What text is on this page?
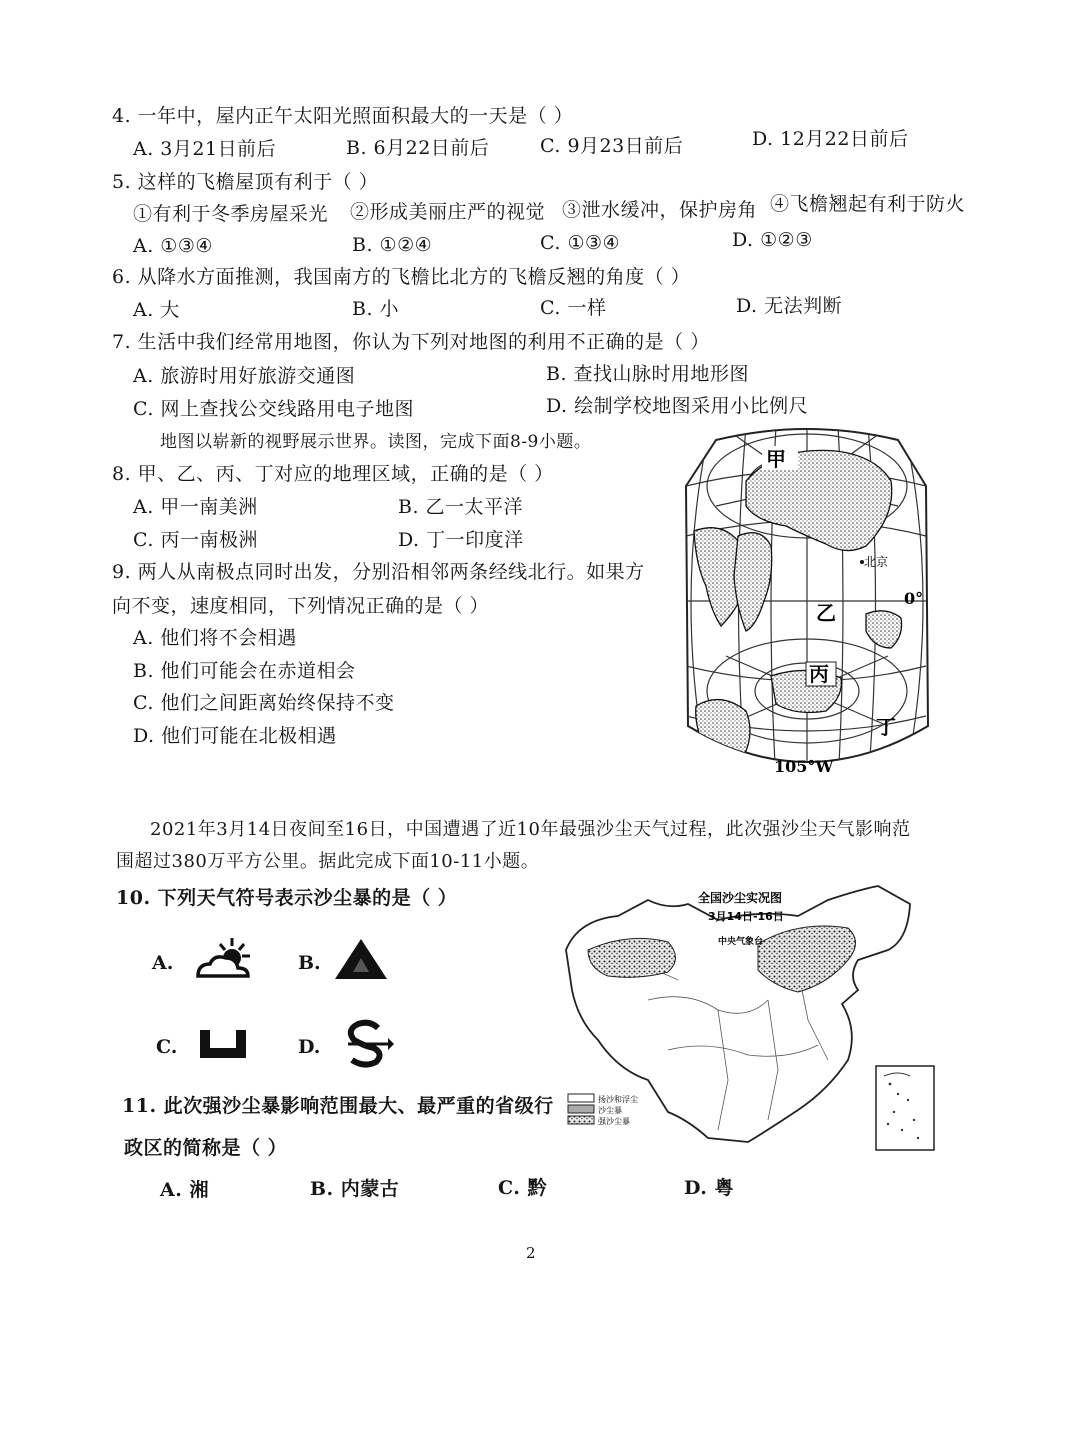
4. 一年中，屋内正午太阳光照面积最大的一天是（ ）
A. 3月21日前后	B. 6月22日前后	C. 9月23日前后	D. 12月22日前后
5. 这样的飞檐屋顶有利于（ ）
①有利于冬季房屋采光 ②形成美丽庄严的视觉 ③泄水缓冲，保护房角 ④飞檐翘起有利于防火
A. ①③④	B. ①②④	C. ①③④	D. ①②③
6. 从降水方面推测，我国南方的飞檐比北方的飞檐反翘的角度（ ）
A. 大	B. 小	C. 一样	D. 无法判断
7. 生活中我们经常用地图，你认为下列对地图的利用不正确的是（ ）
A. 旅游时用好旅游交通图	B. 查找山脉时用地形图
C. 网上查找公交线路用电子地图	D. 绘制学校地图采用小比例尺
地图以崭新的视野展示世界。读图，完成下面8-9小题。
8. 甲、乙、丙、丁对应的地理区域，正确的是（ ）
A. 甲一南美洲	B. 乙一太平洋
C. 丙一南极洲	D. 丁一印度洋
9. 两人从南极点同时出发，分别沿相邻两条经线北行。如果方
向不变，速度相同，下列情况正确的是（ ）
A. 他们将不会相遇
B. 他们可能会在赤道相会
C. 他们之间距离始终保持不变
D. 他们可能在北极相遇
甲
乙
丙
丁
北京
0°
105°W
2021年3月14日夜间至16日，中国遭遇了近10年最强沙尘天气过程，此次强沙尘天气影响范
围超过380万平方公里。据此完成下面10-11小题。
10. 下列天气符号表示沙尘暴的是（ ）
A.	B.
C.	D.
全国沙尘实况图
3月14日-16日
中央气象台
扬沙和浮尘
沙尘暴
强沙尘暴
11. 此次强沙尘暴影响范围最大、最严重的省级行
政区的简称是（ ）
A. 湘	B. 内蒙古	C. 黔	D. 粤
2
